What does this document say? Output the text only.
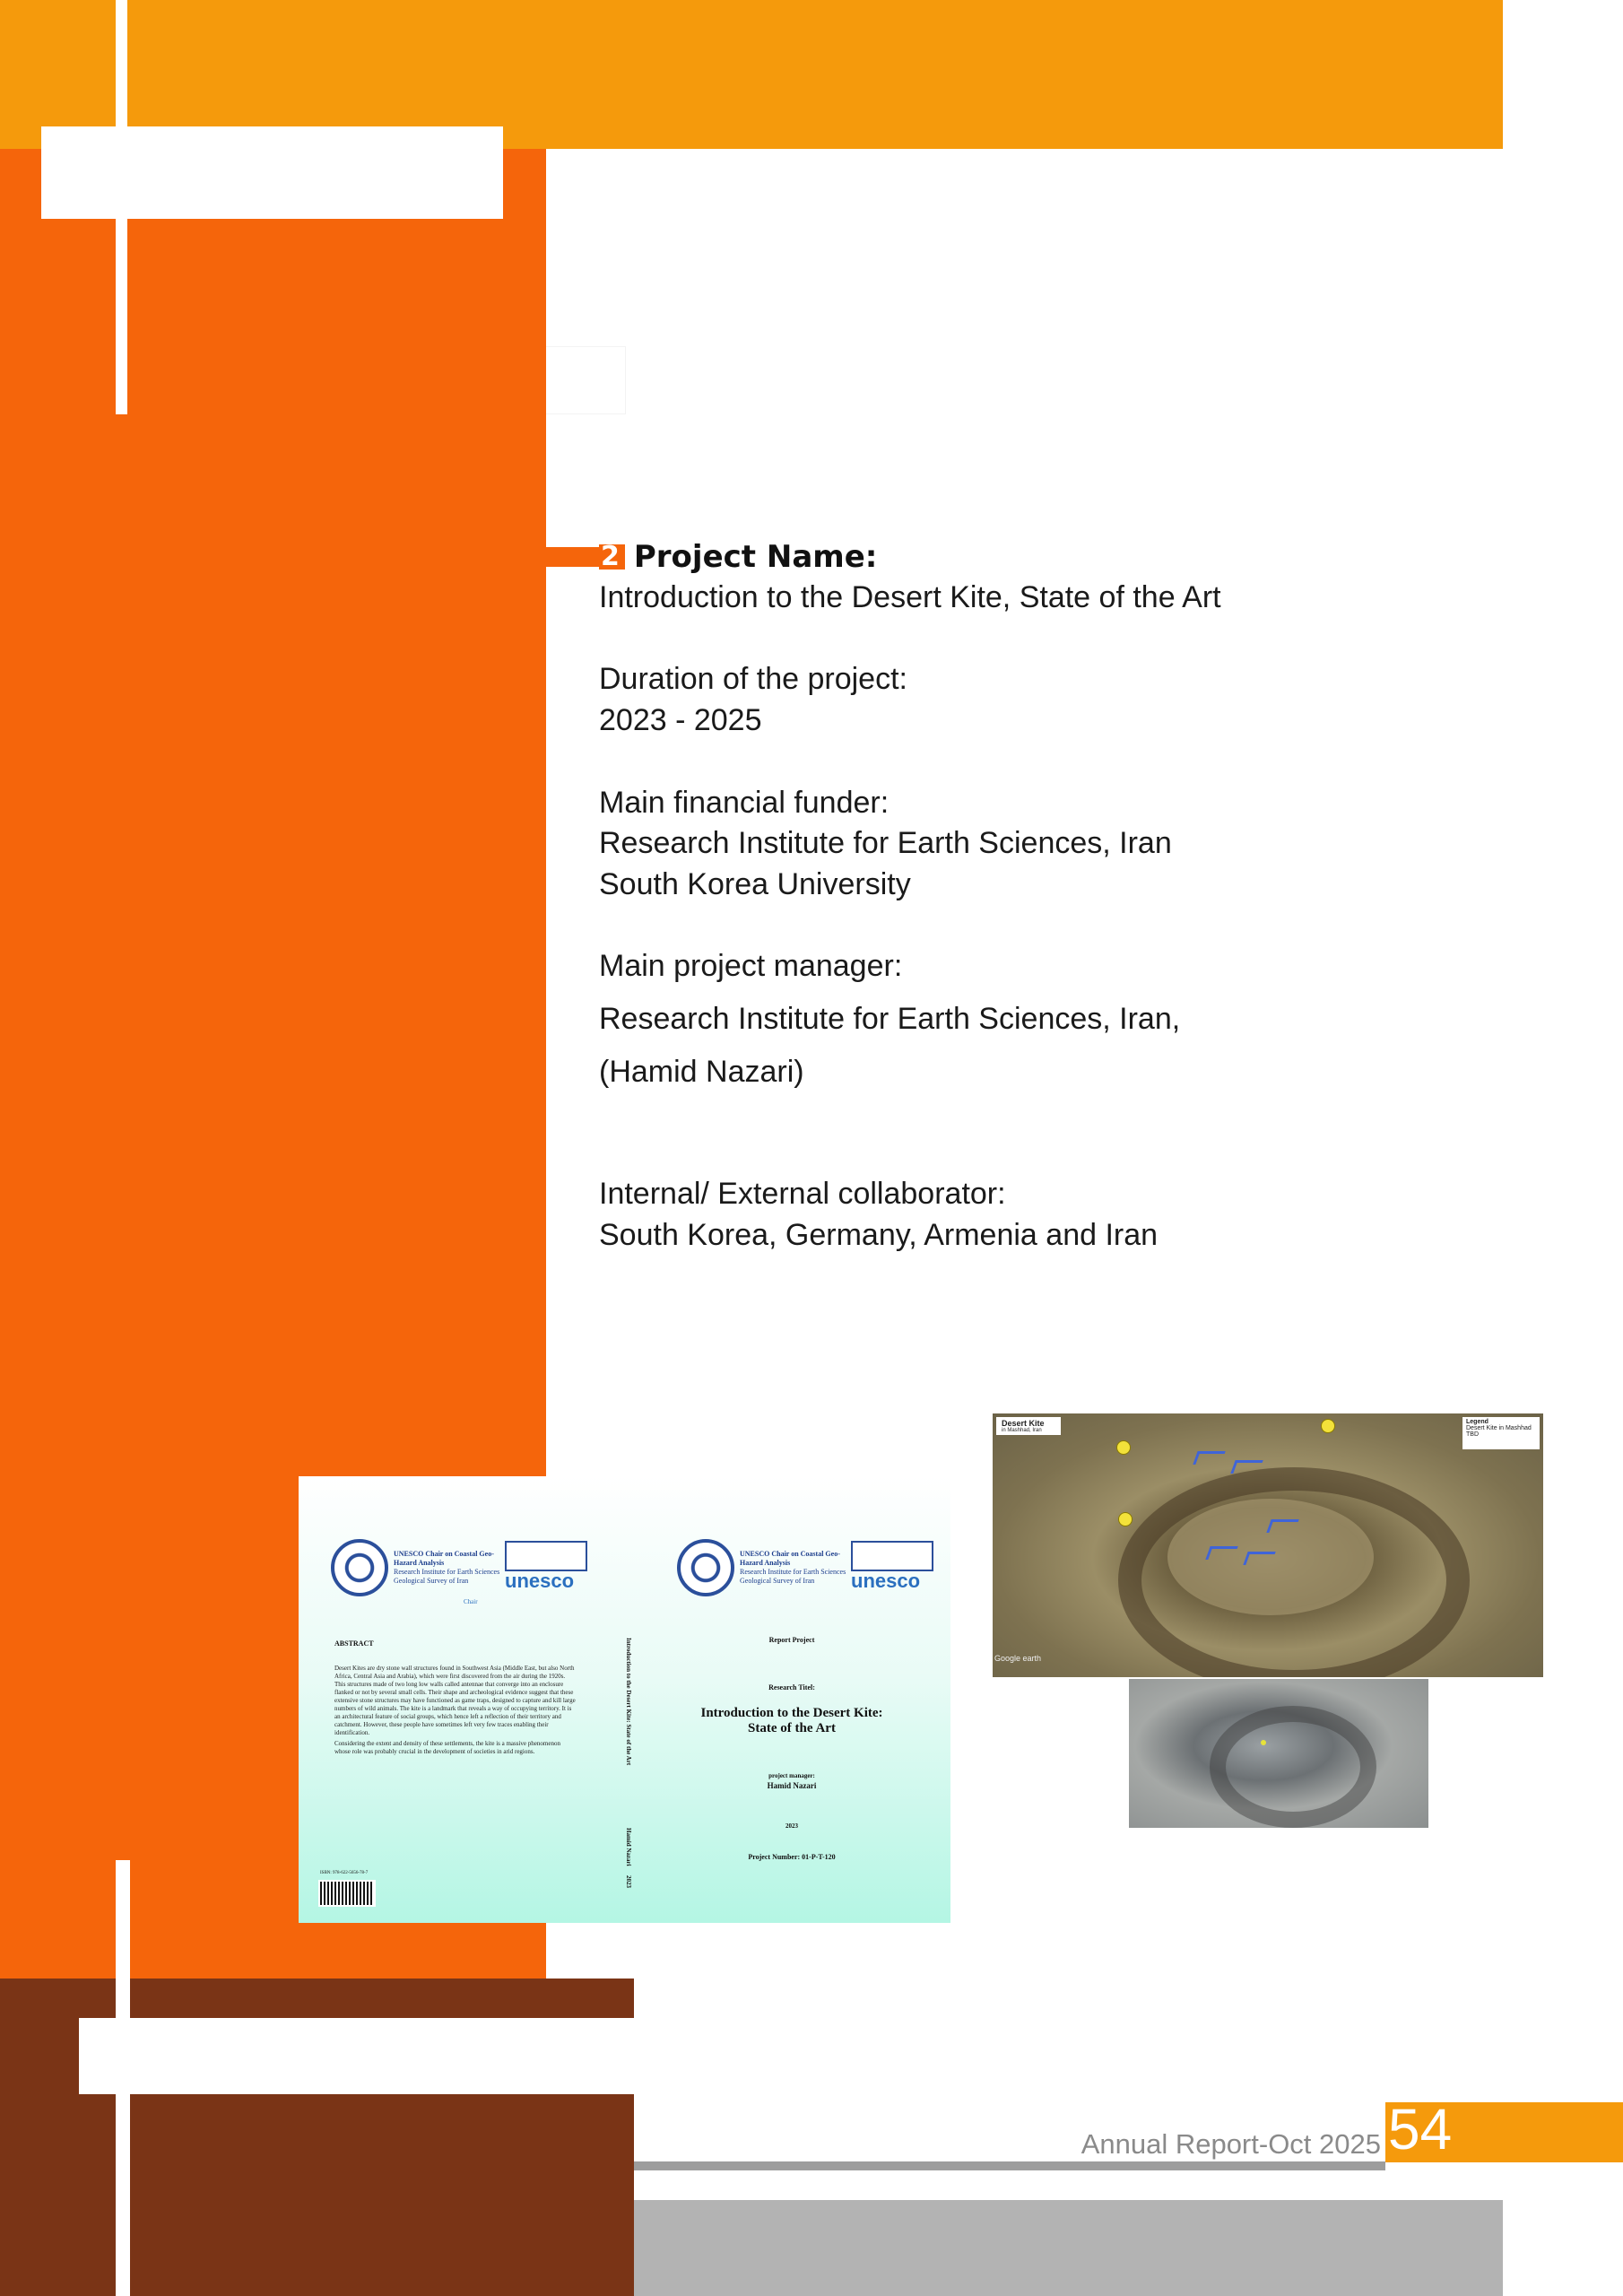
2 Project Name:
Introduction to the Desert Kite, State of the Art
Duration of the project:
2023 - 2025
Main financial funder:
Research Institute for Earth Sciences, Iran
South Korea University
Main project manager:
Research Institute for Earth Sciences, Iran,
(Hamid Nazari)
Internal/ External collaborator:
South Korea, Germany, Armenia and Iran
UNESCO Chair on Coastal Geo-Hazard Analysis
Research Institute for Earth Sciences Geological Survey of Iran	unesco
UNESCO Chair on Coastal Geo-Hazard Analysis
Research Institute for Earth Sciences Geological Survey of Iran	unesco
Chair
ABSTRACT
Desert Kites are dry stone wall structures found in Southwest Asia (Middle East, but also North Africa, Central Asia and Arabia), which were first discovered from the air during the 1920s. This structures made of two long low walls called antennae that converge into an enclosure flanked or not by several small cells. Their shape and archeological evidence suggest that these extensive stone structures may have functioned as game traps, designed to capture and kill large numbers of wild animals. The kite is a landmark that reveals a way of occupying territory. It is an architectural feature of social groups, which hence left a reflection of their territory and catchment. However, these people have sometimes left very few traces enabling their identification.
Considering the extent and density of these settlements, the kite is a massive phenomenon whose role was probably crucial in the development of societies in arid regions.	Introduction to the Desert Kite: State of the Art
Hamid Nazari
2023
Report Project
Research Titel:
Introduction to the Desert Kite:
State of the Art
project manager:
Hamid Nazari
2023
Project Number: 01-P-T-120
ISBN: 978-622-5656-78-7
Desert Kite
in Mashhad, Iran
Legend
Desert Kite in Mashhad
TBD
Google earth
Annual Report-Oct 2025 54
